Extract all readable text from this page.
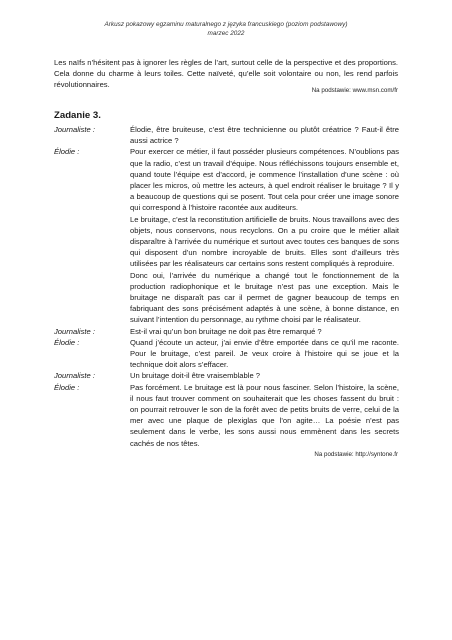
Arkusz pokazowy egzaminu maturalnego z języka francuskiego (poziom podstawowy)
marzec 2022
Les naïfs n’hésitent pas à ignorer les règles de l’art, surtout celle de la perspective et des proportions. Cela donne du charme à leurs toiles. Cette naïveté, qu’elle soit volontaire ou non, les rend parfois révolutionnaires.
Na podstawie: www.msn.com/fr
Zadanie 3.
Journaliste :	Élodie, être bruiteuse, c’est être technicienne ou plutôt créatrice ? Faut-il être aussi actrice ?

Élodie :	Pour exercer ce métier, il faut posséder plusieurs compétences. N’oublions pas que la radio, c’est un travail d’équipe. Nous réfléchissons toujours ensemble et, quand toute l’équipe est d’accord, je commence l’installation d’une scène : où placer les micros, où mettre les acteurs, à quel endroit réaliser le bruitage ? Il y a beaucoup de questions qui se posent. Tout cela pour créer une image sonore qui correspond à l’histoire racontée aux auditeurs.

Le bruitage, c’est la reconstitution artificielle de bruits. Nous travaillons avec des objets, nous conservons, nous recyclons. On a pu croire que le métier allait disparaître à l’arrivée du numérique et surtout avec toutes ces banques de sons qui disposent d’un nombre incroyable de bruits. Elles sont d’ailleurs très utilisées par les réalisateurs car certains sons restent compliqués à reproduire.

Donc oui, l’arrivée du numérique a changé tout le fonctionnement de la production radiophonique et le bruitage n’est pas une exception. Mais le bruitage ne disparaît pas car il permet de gagner beaucoup de temps en fabriquant des sons précisément adaptés à une scène, à bonne distance, en suivant l’intention du personnage, au rythme choisi par le réalisateur.

Journaliste :	Est-il vrai qu’un bon bruitage ne doit pas être remarqué ?

Élodie :	Quand j’écoute un acteur, j’ai envie d’être emportée dans ce qu’il me raconte. Pour le bruitage, c’est pareil. Je veux croire à l’histoire qui se joue et la technique doit alors s’effacer.

Journaliste :	Un bruitage doit-il être vraisemblable ?

Élodie :	Pas forcément. Le bruitage est là pour nous fasciner. Selon l’histoire, la scène, il nous faut trouver comment on souhaiterait que les choses fassent du bruit : on pourrait retrouver le son de la forêt avec de petits bruits de verre, celui de la mer avec une plaque de plexiglas que l’on agite… La poésie n’est pas seulement dans le verbe, les sons aussi nous emmènent dans les secrets cachés de nos têtes.

Na podstawie: http://syntone.fr
